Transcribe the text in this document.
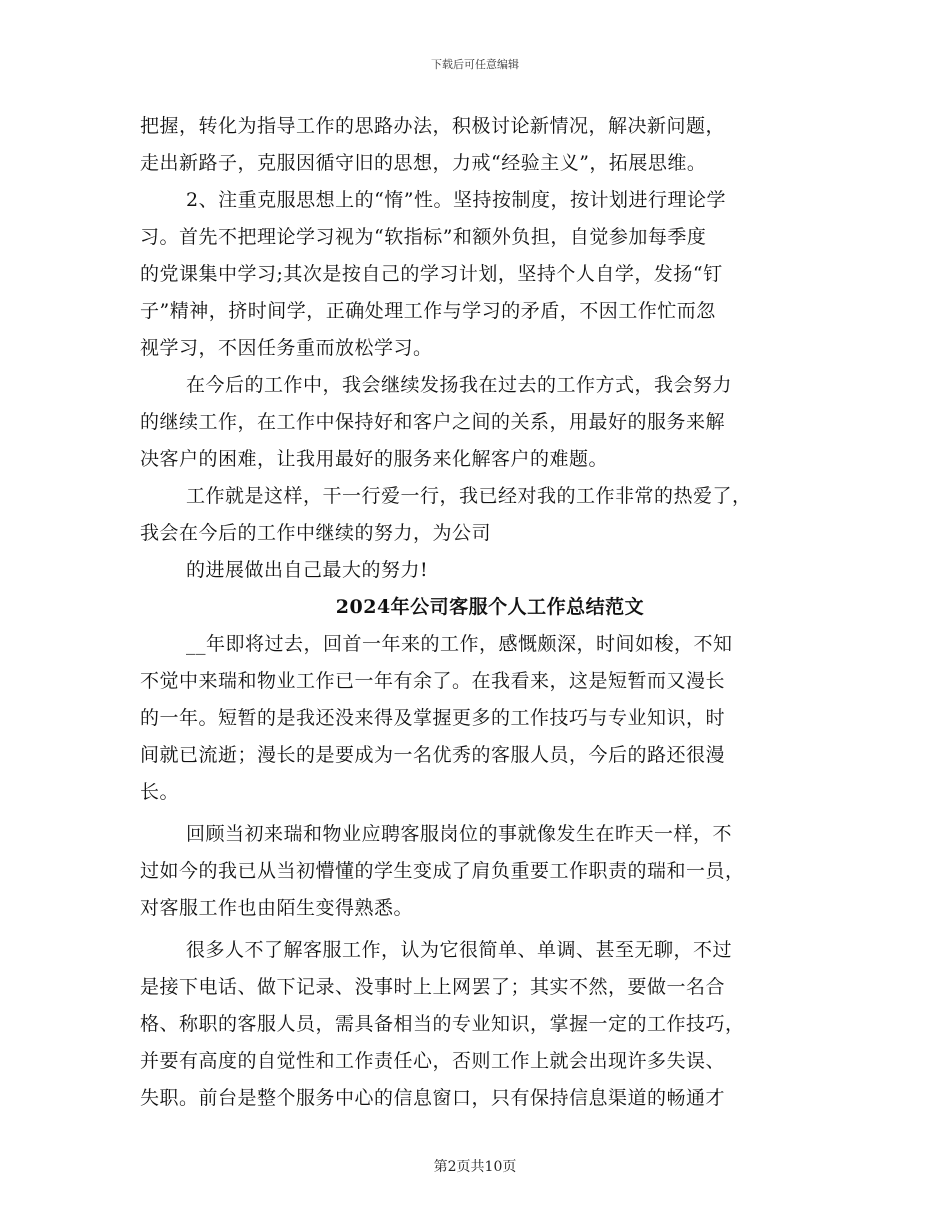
下载后可任意编辑
把握，转化为指导工作的思路办法，积极讨论新情况，解决新问题，
走出新路子，克服因循守旧的思想，力戒“经验主义”，拓展思维。
2、注重克服思想上的“惰”性。坚持按制度，按计划进行理论学
习。首先不把理论学习视为“软指标”和额外负担，自觉参加每季度
的党课集中学习;其次是按自己的学习计划，坚持个人自学，发扬“钉
子”精神，挤时间学，正确处理工作与学习的矛盾，不因工作忙而忽
视学习，不因任务重而放松学习。
在今后的工作中，我会继续发扬我在过去的工作方式，我会努力
的继续工作，在工作中保持好和客户之间的关系，用最好的服务来解
决客户的困难，让我用最好的服务来化解客户的难题。
工作就是这样，干一行爱一行，我已经对我的工作非常的热爱了，
我会在今后的工作中继续的努力，为公司
的进展做出自己最大的努力!
2024年公司客服个人工作总结范文
__年即将过去，回首一年来的工作，感慨颇深，时间如梭，不知
不觉中来瑞和物业工作已一年有余了。在我看来，这是短暂而又漫长
的一年。短暂的是我还没来得及掌握更多的工作技巧与专业知识，时
间就已流逝；漫长的是要成为一名优秀的客服人员，今后的路还很漫
长。
回顾当初来瑞和物业应聘客服岗位的事就像发生在昨天一样，不
过如今的我已从当初懵懂的学生变成了肩负重要工作职责的瑞和一员，
对客服工作也由陌生变得熟悉。
很多人不了解客服工作，认为它很简单、单调、甚至无聊，不过
是接下电话、做下记录、没事时上上网罢了；其实不然，要做一名合
格、称职的客服人员，需具备相当的专业知识，掌握一定的工作技巧，
并要有高度的自觉性和工作责任心，否则工作上就会出现许多失误、
失职。前台是整个服务中心的信息窗口，只有保持信息渠道的畅通才
第2页共10页
